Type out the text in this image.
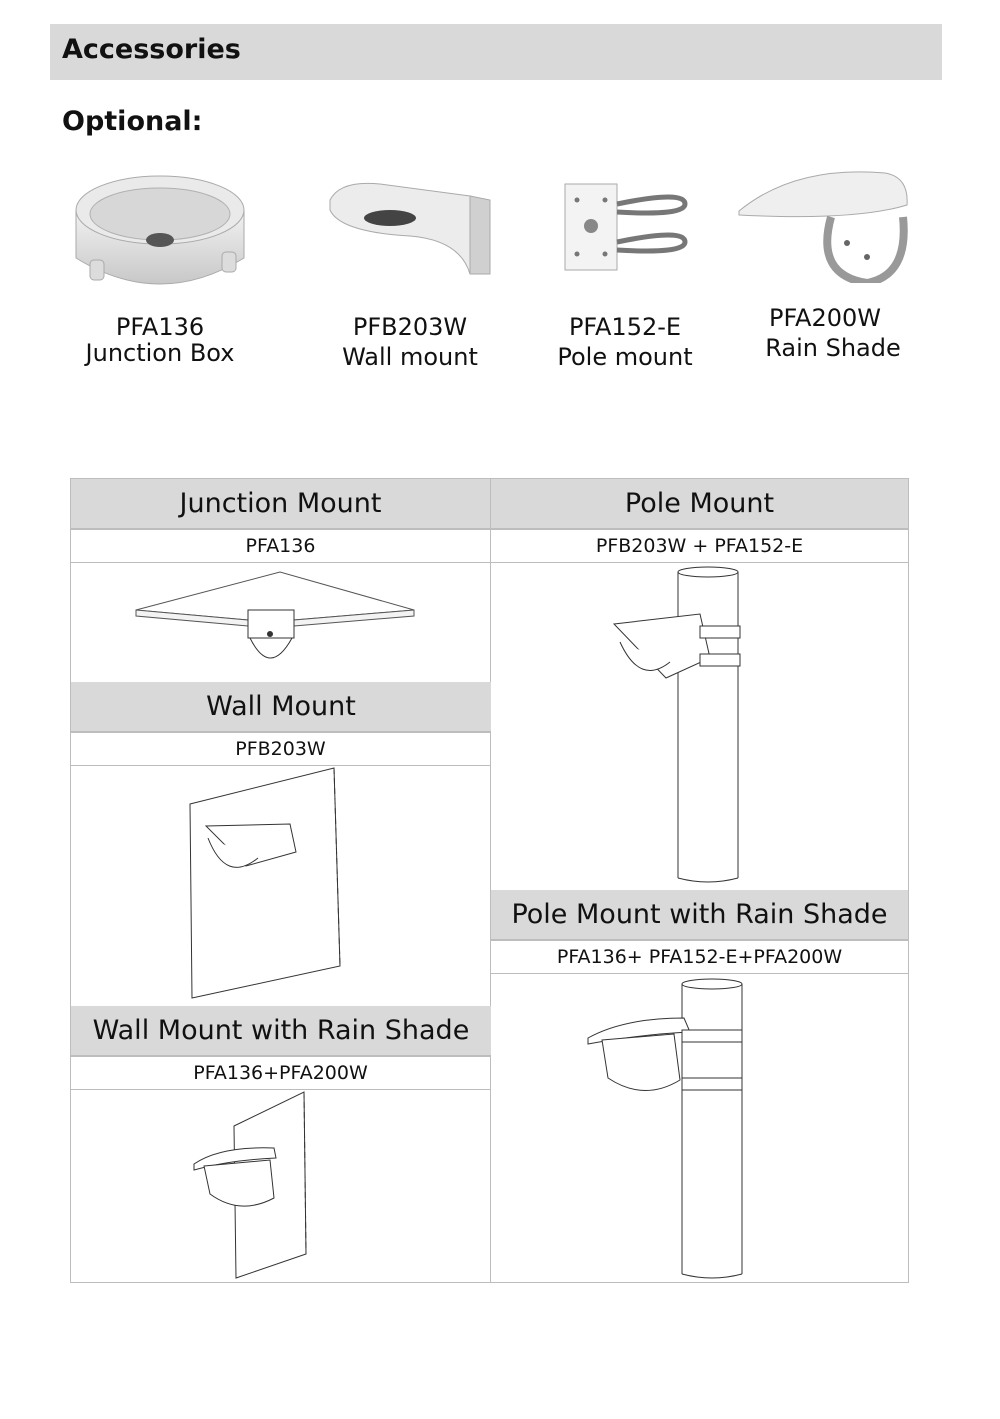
Accessories
Optional:
PFA136
Junction Box
PFB203W
Wall mount
PFA152-E
Pole mount
PFA200W
Rain Shade
Junction Mount
PFA136
Pole Mount
PFB203W + PFA152-E
Wall Mount
PFB203W
Pole Mount with Rain Shade
PFA136+ PFA152-E+PFA200W
Wall Mount with Rain Shade
PFA136+PFA200W
